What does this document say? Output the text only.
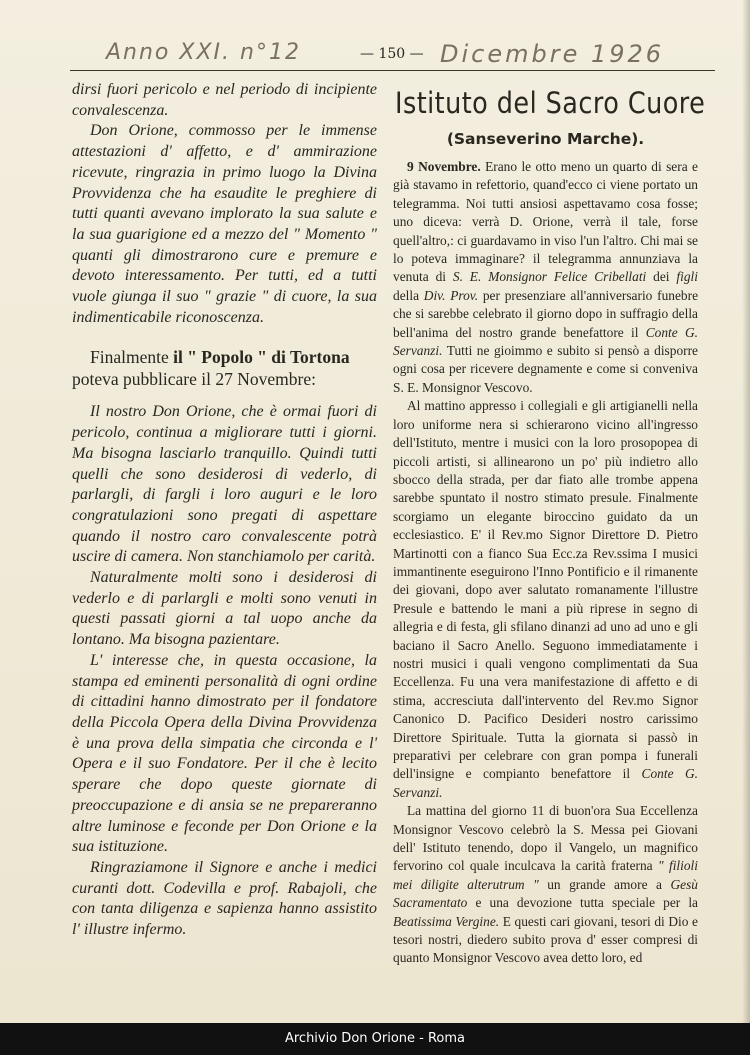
Anno XXI. n°12	— 150 — Dicembre 1926

dirsi fuori pericolo e nel periodo di incipiente convalescenza.

Don Orione, commosso per le immense attestazioni d' affetto, e d' ammirazione ricevute, ringrazia in primo luogo la Divina Provvidenza che ha esaudite le preghiere di tutti quanti avevano implorato la sua salute e la sua guarigione ed a mezzo del " Momento " quanti gli dimostrarono cure e premure e devoto interessamento. Per tutti, ed a tutti vuole giunga il suo " grazie " di cuore, la sua indimenticabile riconoscenza.

Finalmente il " Popolo " di Tortona poteva pubblicare il 27 Novembre:

Il nostro Don Orione, che è ormai fuori di pericolo, continua a migliorare tutti i giorni. Ma bisogna lasciarlo tranquillo. Quindi tutti quelli che sono desiderosi di vederlo, di parlargli, di fargli i loro auguri e le loro congratulazioni sono pregati di aspettare quando il nostro caro convalescente potrà uscire di camera. Non stanchiamolo per carità.

Naturalmente molti sono i desiderosi di vederlo e di parlargli e molti sono venuti in questi passati giorni a tal uopo anche da lontano. Ma bisogna pazientare.

L' interesse che, in questa occasione, la stampa ed eminenti personalità di ogni ordine di cittadini hanno dimostrato per il fondatore della Piccola Opera della Divina Provvidenza è una prova della simpatia che circonda e l' Opera e il suo Fondatore. Per il che è lecito sperare che dopo queste giornate di preoccupazione e di ansia se ne prepareranno altre luminose e feconde per Don Orione e la sua istituzione.

Ringraziamone il Signore e anche i medici curanti dott. Codevilla e prof. Rabajoli, che con tanta diligenza e sapienza hanno assistito l' illustre infermo.

Istituto del Sacro Cuore
(Sanseverino Marche).

9 Novembre. Erano le otto meno un quarto di sera e già stavamo in refettorio, quand'ecco ci viene portato un telegramma. Noi tutti ansiosi aspettavamo cosa fosse; uno diceva: verrà D. Orione, verrà il tale, forse quell'altro,: ci guardavamo in viso l'un l'altro. Chi mai se lo poteva immaginare? il telegramma annunziava la venuta di S. E. Monsignor Felice Cribellati dei figli della Div. Prov. per presenziare all'anniversario funebre che si sarebbe celebrato il giorno dopo in suffragio della bell'anima del nostro grande benefattore il Conte G. Servanzi. Tutti ne gioimmo e subito si pensò a disporre ogni cosa per ricevere degnamente e come si conveniva S. E. Monsignor Vescovo.

Al mattino appresso i collegiali e gli artigianelli nella loro uniforme nera si schierarono vicino all'ingresso dell'Istituto, mentre i musici con la loro prosopopea di piccoli artisti, si allinearono un po' più indietro allo sbocco della strada, per dar fiato alle trombe appena sarebbe spuntato il nostro stimato presule. Finalmente scorgiamo un elegante biroccino guidato da un ecclesiastico. E' il Rev.mo Signor Direttore D. Pietro Martinotti con a fianco Sua Ecc.za Rev.ssima I musici immantinente eseguirono l'Inno Pontificio e il rimanente dei giovani, dopo aver salutato romanamente l'illustre Presule e battendo le mani a più riprese in segno di allegria e di festa, gli sfilano dinanzi ad uno ad uno e gli baciano il Sacro Anello. Seguono immediatamente i nostri musici i quali vengono complimentati da Sua Eccellenza. Fu una vera manifestazione di affetto e di stima, accresciuta dall'intervento del Rev.mo Signor Canonico D. Pacifico Desideri nostro carissimo Direttore Spirituale. Tutta la giornata si passò in preparativi per celebrare con gran pompa i funerali dell'insigne e compianto benefattore il Conte G. Servanzi.

La mattina del giorno 11 di buon'ora Sua Eccellenza Monsignor Vescovo celebrò la S. Messa pei Giovani dell' Istituto tenendo, dopo il Vangelo, un magnifico fervorino col quale inculcava la carità fraterna " filioli mei diligite alterutrum " un grande amore a Gesù Sacramentato e una devozione tutta speciale per la Beatissima Vergine. E questi cari giovani, tesori di Dio e tesori nostri, diedero subito prova d' esser compresi di quanto Monsignor Vescovo avea detto loro, ed

Archivio Don Orione - Roma
